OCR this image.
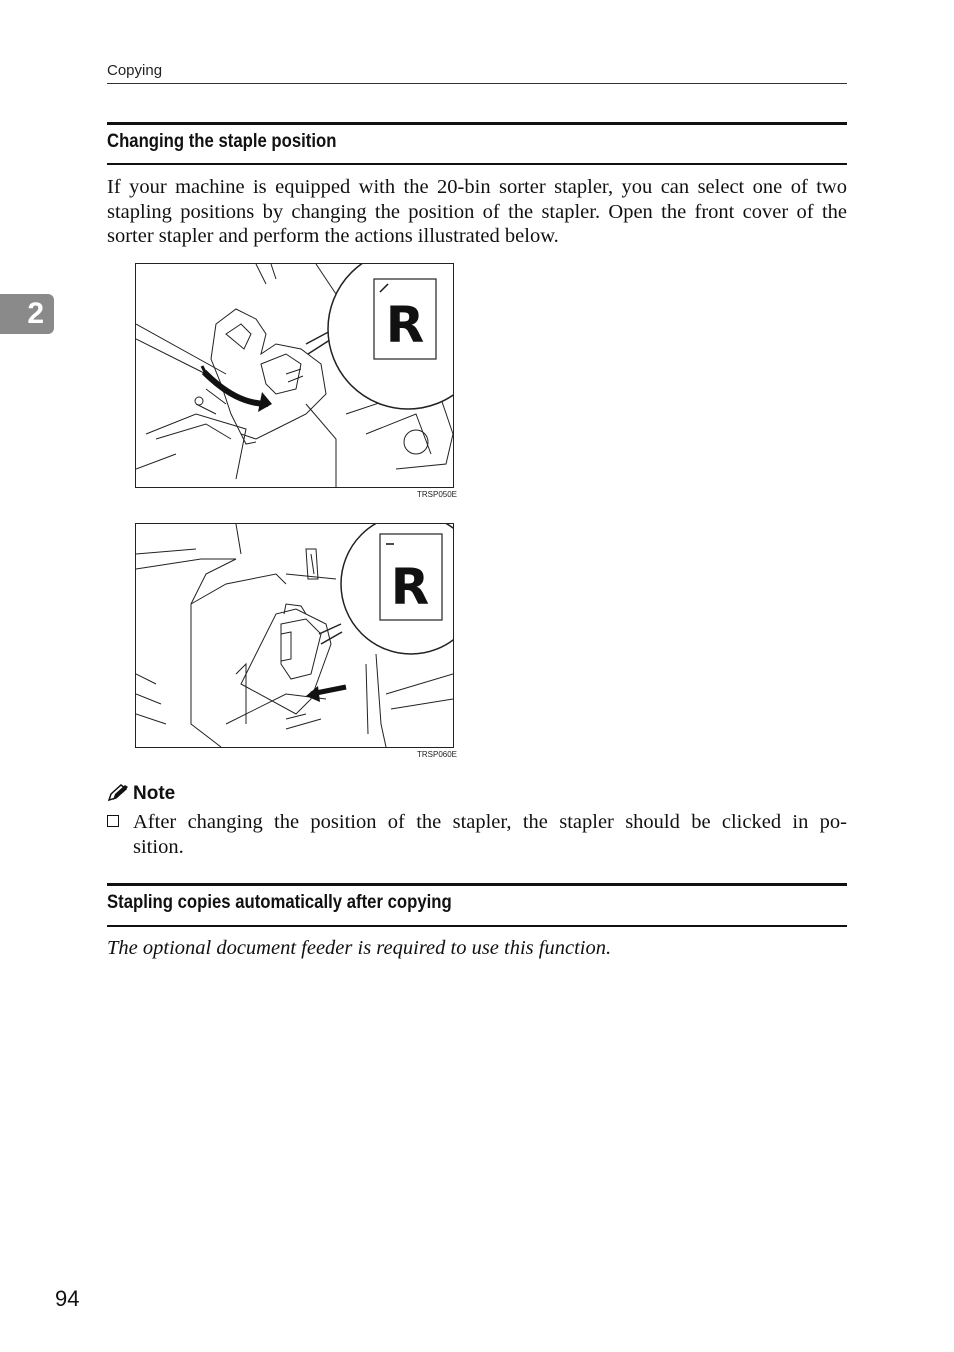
Copying
2
Changing the staple position
If your machine is equipped with the 20-bin sorter stapler, you can select one of two stapling positions by changing the position of the stapler. Open the front cover of the sorter stapler and perform the actions illustrated below.
R
TRSP050E
R
TRSP060E
Note
After changing the position of the stapler, the stapler should be clicked in po-
sition.
Stapling copies automatically after copying
The optional document feeder is required to use this function.
94
